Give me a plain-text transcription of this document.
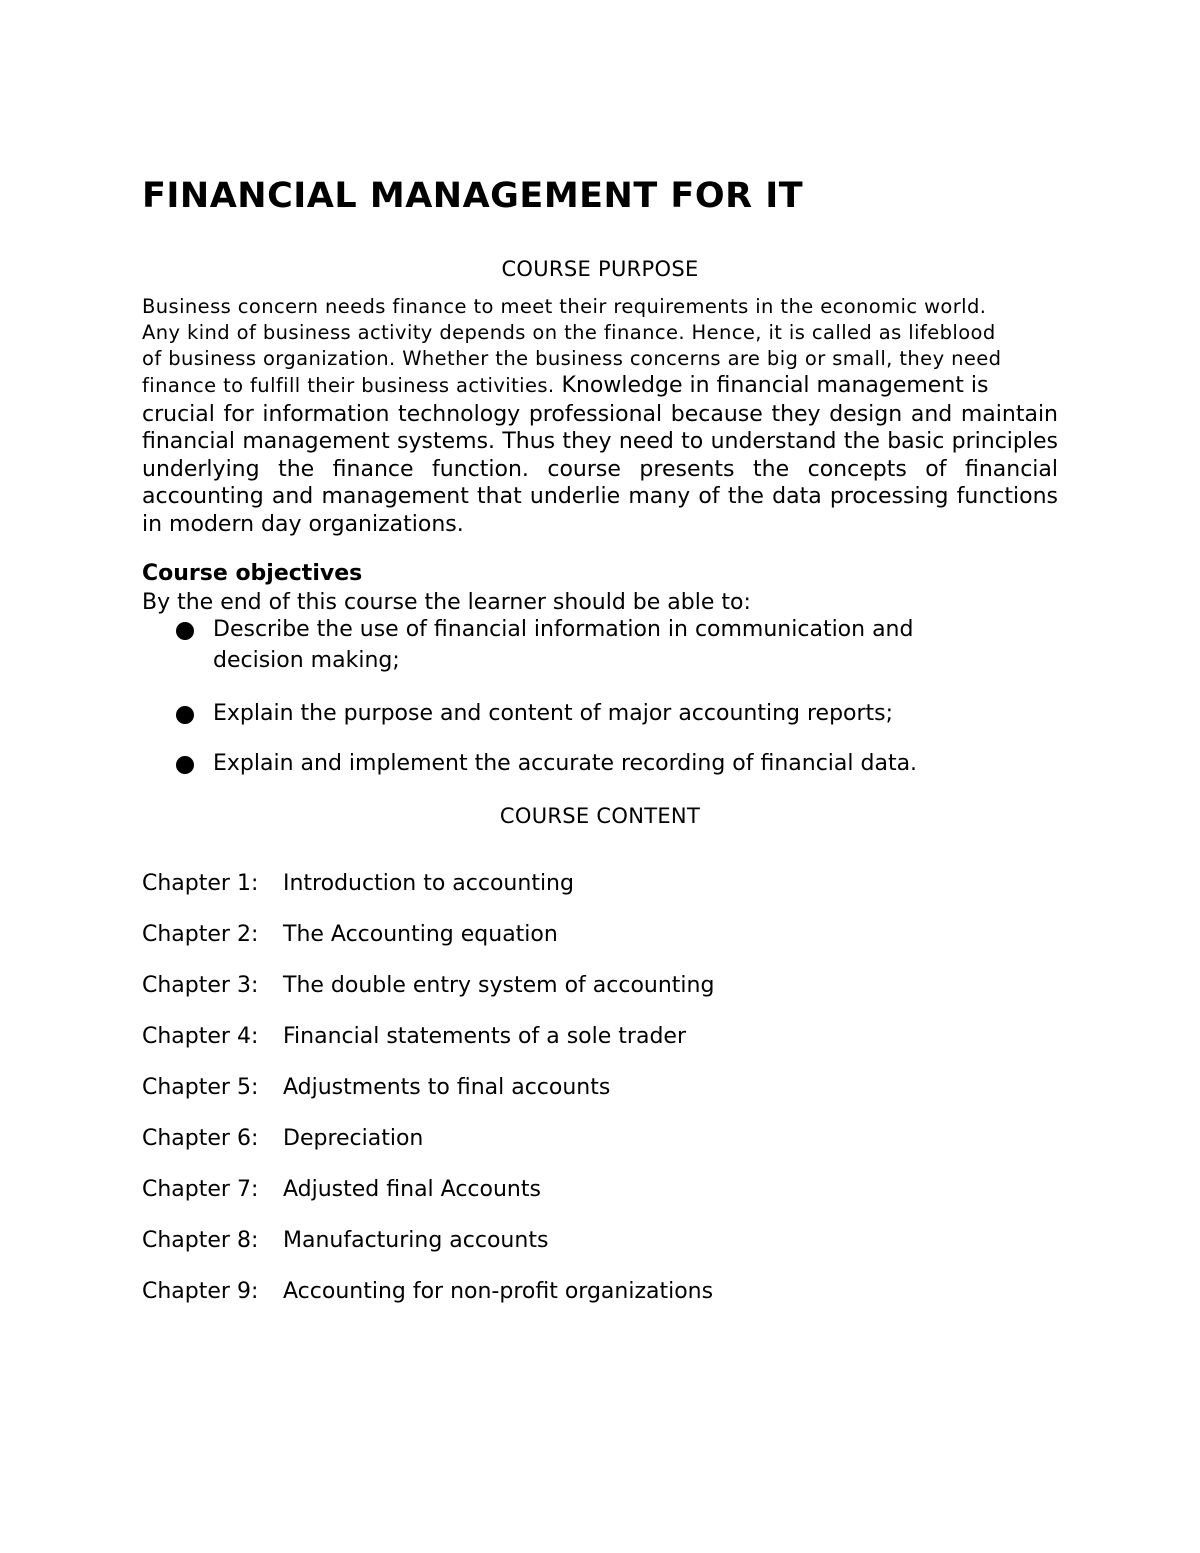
FINANCIAL MANAGEMENT FOR IT
COURSE PURPOSE
Business concern needs finance to meet their requirements in the economic world.
Any kind of business activity depends on the finance. Hence, it is called as lifeblood
of business organization. Whether the business concerns are big or small, they need
finance to fulfill their business activities. Knowledge in financial management is
crucial for information technology professional because they design and maintain financial management systems. Thus they need to understand the basic principles underlying the finance function. course presents the concepts of financial accounting and management that underlie many of the data processing functions in modern day organizations.
Course objectives
By the end of this course the learner should be able to:
Describe the use of financial information in communication and decision making;
Explain the purpose and content of major accounting reports;
Explain and implement the accurate recording of financial data.
COURSE CONTENT
Chapter 1: Introduction to accounting
Chapter 2: The Accounting equation
Chapter 3: The double entry system of accounting
Chapter 4: Financial statements of a sole trader
Chapter 5: Adjustments to final accounts
Chapter 6: Depreciation
Chapter 7: Adjusted final Accounts
Chapter 8: Manufacturing accounts
Chapter 9: Accounting for non-profit organizations
